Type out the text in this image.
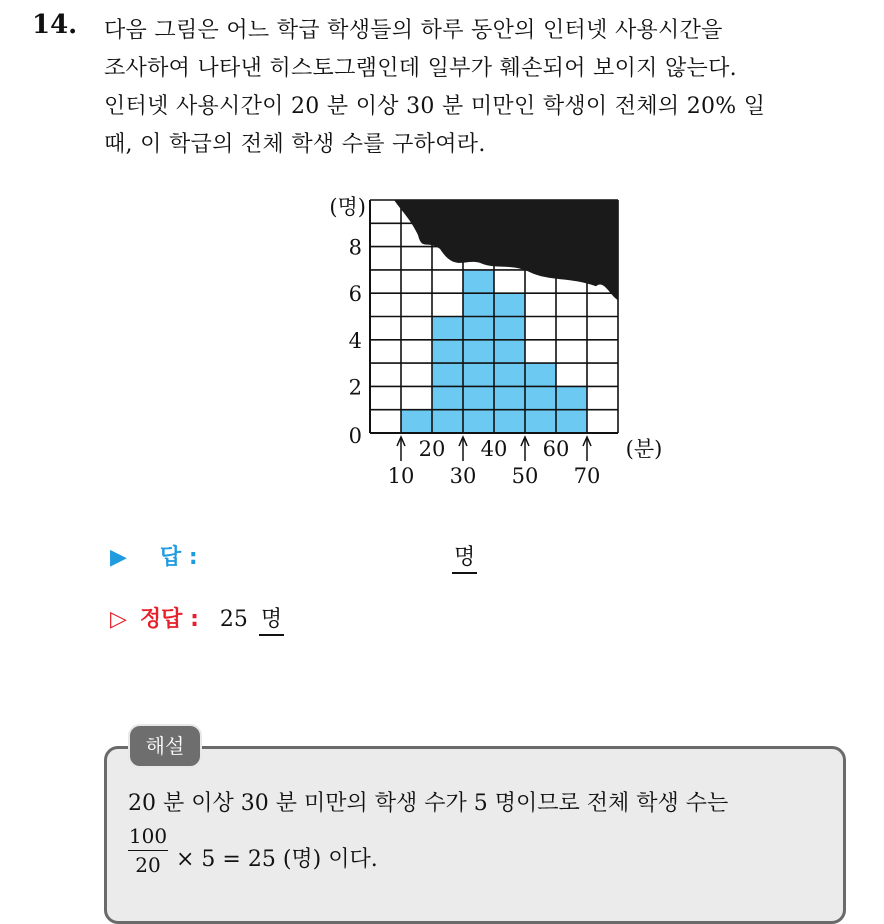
14. 다음 그림은 어느 학급 학생들의 하루 동안의 인터넷 사용시간을
조사하여 나타낸 히스토그램인데 일부가 훼손되어 보이지 않는다.
인터넷 사용시간이 20 분 이상 30 분 미만인 학생이 전체의 20% 일
때, 이 학급의 전체 학생 수를 구하여라.
0
2
4
6
8
(명)
20 40 60
10 30 50 70
(분)
▶ 답 :	명
▷ 정답 : 25 명
해설
20 분 이상 30 분 미만의 학생 수가 5 명이므로 전체 학생 수는
100
20 × 5 = 25 (명) 이다.
